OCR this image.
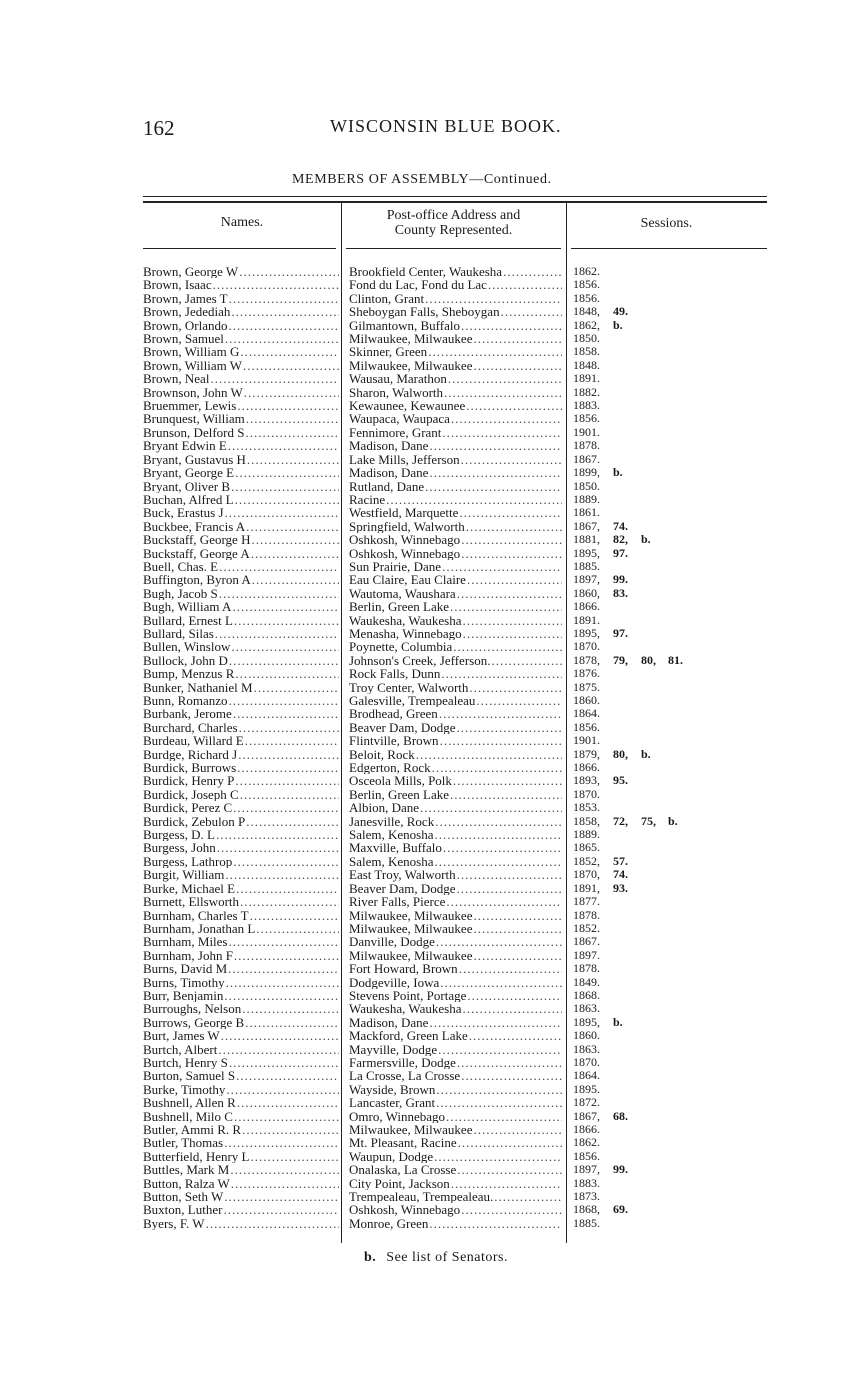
162	WISCONSIN BLUE BOOK.
MEMBERS OF ASSEMBLY—Continued.
Names.	Post-office Address and
County Represented.	Sessions.
Brown, George W .....	Brookfield Center, Waukesha .....	1862.
Brown, Isaac .....	Fond du Lac, Fond du Lac .....	1856.
Brown, James T .....	Clinton, Grant .....	1856.
Brown, Jedediah .....	Sheboygan Falls, Sheboygan .....	1848, 49.
Brown, Orlando .....	Gilmantown, Buffalo .....	1862, b.
Brown, Samuel .....	Milwaukee, Milwaukee .....	1850.
Brown, William G .....	Skinner, Green .....	1858.
Brown, William W .....	Milwaukee, Milwaukee .....	1848.
Brown, Neal .....	Wausau, Marathon .....	1891.
Brownson, John W .....	Sharon, Walworth .....	1882.
Bruemmer, Lewis .....	Kewaunee, Kewaunee .....	1883.
Brunquest, William .....	Waupaca, Waupaca .....	1856.
Brunson, Delford S .....	Fennimore, Grant .....	1901.
Bryant Edwin E .....	Madison, Dane .....	1878.
Bryant, Gustavus H .....	Lake Mills, Jefferson .....	1867.
Bryant, George E .....	Madison, Dane .....	1899, b.
Bryant, Oliver B .....	Rutland, Dane .....	1850.
Buchan, Alfred L .....	Racine .....	1889.
Buck, Erastus J .....	Westfield, Marquette .....	1861.
Buckbee, Francis A .....	Springfield, Walworth .....	1867, 74.
Buckstaff, George H .....	Oshkosh, Winnebago .....	1881, 82, b.
Buckstaff, George A .....	Oshkosh, Winnebago .....	1895, 97.
Buell, Chas. E .....	Sun Prairie, Dane .....	1885.
Buffington, Byron A .....	Eau Claire, Eau Claire .....	1897, 99.
Bugh, Jacob S .....	Wautoma, Waushara .....	1860, 83.
Bugh, William A .....	Berlin, Green Lake .....	1866.
Bullard, Ernest L .....	Waukesha, Waukesha .....	1891.
Bullard, Silas .....	Menasha, Winnebago .....	1895, 97.
Bullen, Winslow .....	Poynette, Columbia .....	1870.
Bullock, John D .....	Johnson's Creek, Jefferson. .....	1878, 79, 80, 81.
Bump, Menzus R .....	Rock Falls, Dunn .....	1876.
Bunker, Nathaniel M .....	Troy Center, Walworth .....	1875.
Bunn, Romanzo .....	Galesville, Trempealeau .....	1860.
Burbank, Jerome .....	Brodhead, Green .....	1864.
Burchard, Charles .....	Beaver Dam, Dodge .....	1856.
Burdeau, Willard E .....	Flintville, Brown .....	1901.
Burdge, Richard J .....	Beloit, Rock .....	1879, 80, b.
Burdick, Burrows .....	Edgerton, Rock .....	1866.
Burdick, Henry P .....	Osceola Mills, Polk .....	1893, 95.
Burdick, Joseph C .....	Berlin, Green Lake .....	1870.
Burdick, Perez C .....	Albion, Dane .....	1853.
Burdick, Zebulon P .....	Janesville, Rock .....	1858, 72, 75, b.
Burgess, D. L .....	Salem, Kenosha .....	1889.
Burgess, John .....	Maxville, Buffalo .....	1865.
Burgess, Lathrop .....	Salem, Kenosha .....	1852, 57.
Burgit, William .....	East Troy, Walworth .....	1870, 74.
Burke, Michael E .....	Beaver Dam, Dodge .....	1891, 93.
Burnett, Ellsworth .....	River Falls, Pierce .....	1877.
Burnham, Charles T .....	Milwaukee, Milwaukee .....	1878.
Burnham, Jonathan L .....	Milwaukee, Milwaukee .....	1852.
Burnham, Miles .....	Danville, Dodge .....	1867.
Burnham, John F .....	Milwaukee, Milwaukee .....	1897.
Burns, David M .....	Fort Howard, Brown .....	1878.
Burns, Timothy .....	Dodgeville, Iowa .....	1849.
Burr, Benjamin .....	Stevens Point, Portage .....	1868.
Burroughs, Nelson .....	Waukesha, Waukesha .....	1863.
Burrows, George B .....	Madison, Dane .....	1895, b.
Burt, James W .....	Mackford, Green Lake .....	1860.
Burtch, Albert .....	Mayville, Dodge .....	1863.
Burtch, Henry S .....	Farmersville, Dodge .....	1870.
Burton, Samuel S .....	La Crosse, La Crosse .....	1864.
Burke, Timothy .....	Wayside, Brown .....	1895.
Bushnell, Allen R .....	Lancaster, Grant .....	1872.
Bushnell, Milo C .....	Omro, Winnebago .....	1867, 68.
Butler, Ammi R. R .....	Milwaukee, Milwaukee .....	1866.
Butler, Thomas .....	Mt. Pleasant, Racine .....	1862.
Butterfield, Henry L .....	Waupun, Dodge .....	1856.
Buttles, Mark M .....	Onalaska, La Crosse .....	1897, 99.
Button, Ralza W .....	City Point, Jackson .....	1883.
Button, Seth W .....	Trempealeau, Trempealeau. .....	1873.
Buxton, Luther .....	Oshkosh, Winnebago .....	1868, 69.
Byers, F. W .....	Monroe, Green .....	1885.
b. See list of Senators.
